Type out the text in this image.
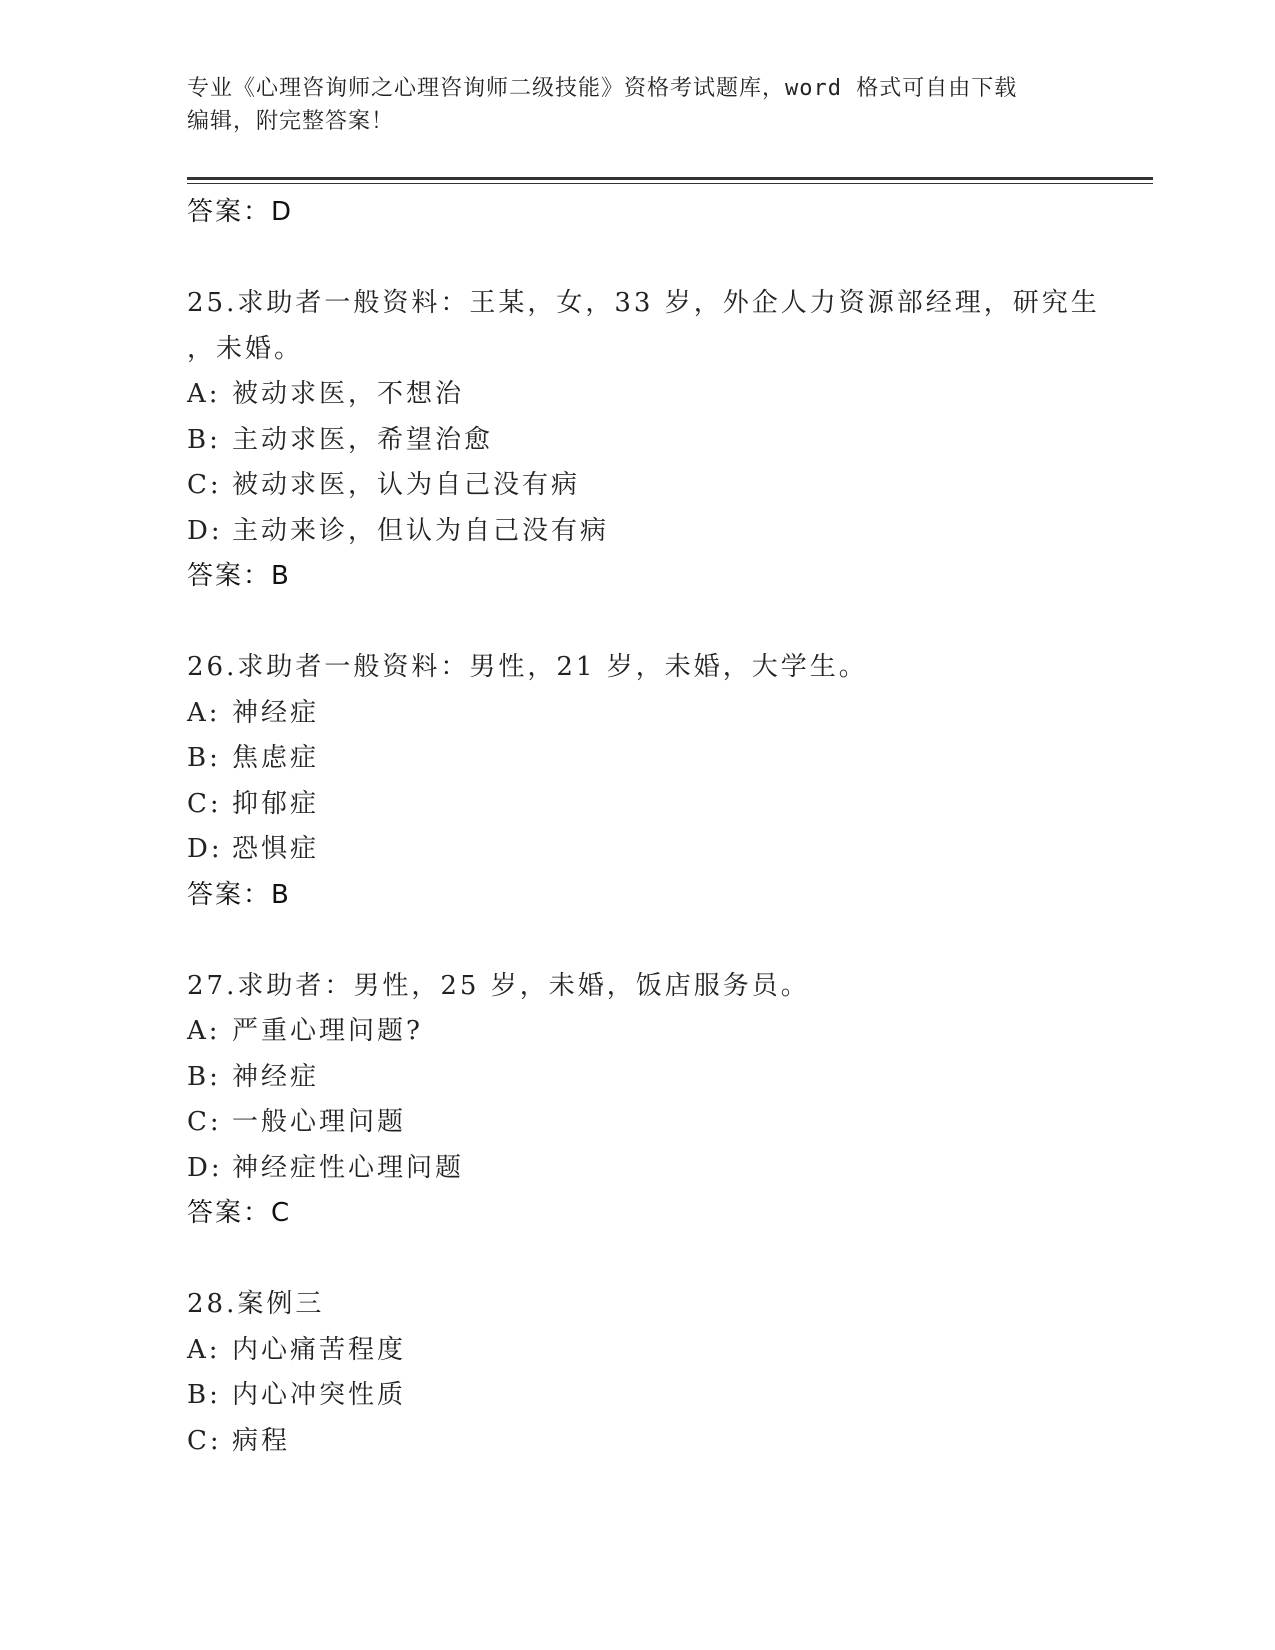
专业《心理咨询师之心理咨询师二级技能》资格考试题库，word 格式可自由下载
编辑，附完整答案！
答案：D
25.求助者一般资料：王某，女，33 岁，外企人力资源部经理，研究生
，未婚。
A: 被动求医，不想治
B: 主动求医，希望治愈
C: 被动求医，认为自己没有病
D: 主动来诊，但认为自己没有病
答案：B
26.求助者一般资料：男性，21 岁，未婚，大学生。
A: 神经症
B: 焦虑症
C: 抑郁症
D: 恐惧症
答案：B
27.求助者：男性，25 岁，未婚，饭店服务员。
A: 严重心理问题?
B: 神经症
C: 一般心理问题
D: 神经症性心理问题
答案：C
28.案例三
A: 内心痛苦程度
B: 内心冲突性质
C: 病程
